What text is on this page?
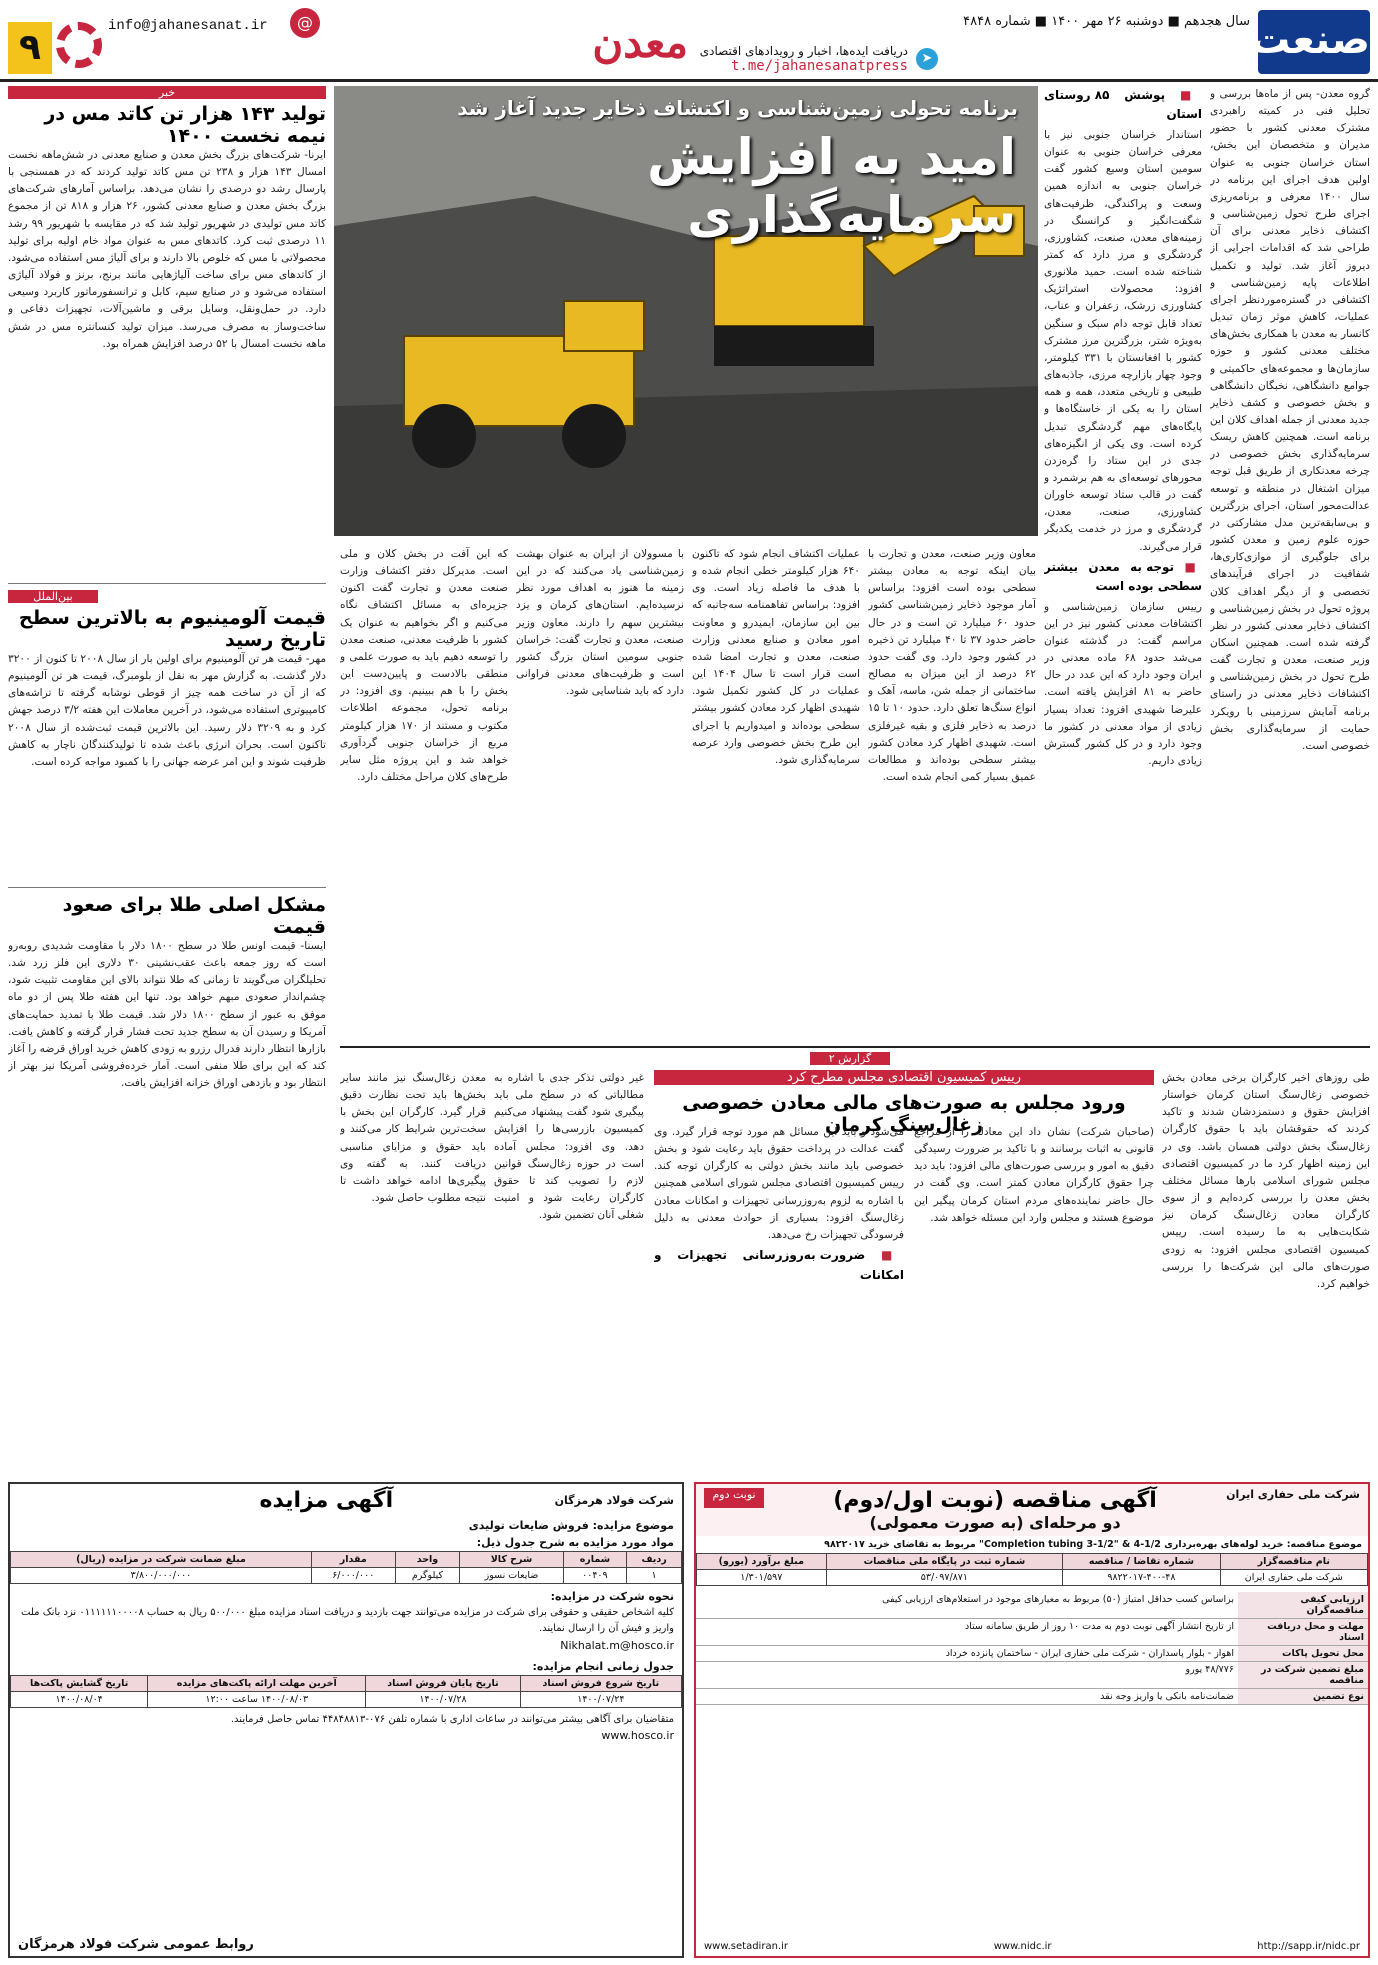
صنعت
سال هجدهم ■ دوشنبه ۲۶ مهر ۱۴۰۰ ■ شماره ۴۸۴۸
➤
دریافت ایده‌ها، اخبار و رویدادهای اقتصادی
t.me/jahanesanatpress
معدن
@
info@jahanesanat.ir
۹
برنامه تحولی زمین‌شناسی و اکتشاف ذخایر جدید آغاز شد
امید به افزایش سرمایه‌گذاری

گروه معدن- پس از ماه‌ها بررسی و تحلیل فنی در کمیته راهبردی مشترک معدنی کشور با حضور مدیران و متخصصان این بخش، استان خراسان جنوبی به عنوان اولین هدف اجرای این برنامه در سال ۱۴۰۰ معرفی و برنامه‌ریزی اجرای طرح تحول زمین‌شناسی و اکتشاف ذخایر معدنی برای آن طراحی شد که اقدامات اجرایی از دیروز آغاز شد. تولید و تکمیل اطلاعات پایه زمین‌شناسی و اکتشافی در گستره‌مورد‌نظر اجرای عملیات، کاهش موثر زمان تبدیل کانسار به معدن با همکاری بخش‌های مختلف معدنی کشور و حوزه سازمان‌ها و مجموعه‌های حاکمیتی و جوامع دانشگاهی، نخبگان دانشگاهی و بخش خصوصی و کشف ذخایر جدید معدنی از جمله اهداف کلان این برنامه است. همچنین کاهش ریسک سرمایه‌گذاری بخش خصوصی در چرخه معدنکاری از طریق قبل توجه میزان اشتغال در منطقه و توسعه عدالت‌محور استان، اجرای بزرگترین و بی‌سابقه‌ترین مدل مشارکتی در حوزه علوم زمین و معدن کشور برای جلوگیری از موازی‌کاری‌ها، شفافیت در اجرای فرآیندهای تخصصی و از دیگر اهداف کلان پروژه تحول در بخش زمین‌شناسی و اکتشاف ذخایر معدنی کشور در نظر گرفته شده است. همچنین اسکان وزیر صنعت، معدن و تجارت گفت طرح تحول در بخش زمین‌شناسی و اکتشافات ذخایر معدنی در راستای برنامه آمایش سرزمینی با رویکرد حمایت از سرمایه‌گذاری بخش خصوصی است.

■ پوشش ۸۵ روستای استان

استاندار خراسان جنوبی نیز با معرفی خراسان جنوبی به عنوان سومین استان وسیع کشور گفت خراسان جنوبی به اندازه همین وسعت و پراکندگی، ظرفیت‌های شگفت‌انگیز و کرانسنگ در زمینه‌های معدن، صنعت، کشاورزی، گردشگری و مرز دارد که کمتر شناخته شده است. حمید ملانوری افزود: محصولات استراتژیک کشاورزی زرشک، زعفران و عناب، تعداد قابل توجه دام سبک و سنگین به‌ویژه شتر، بزرگترین مرز مشترک کشور با افغانستان با ۳۳۱ کیلومتر، وجود چهار بازارچه مرزی، جاذبه‌های طبیعی و تاریخی متعدد، همه و همه استان را به یکی از خاستگاه‌ها و پایگاه‌های مهم گردشگری تبدیل کرده است. وی یکی از انگیزه‌های جدی در این ستاد را گره‌زدن محورهای توسعه‌ای به هم برشمرد و گفت در قالب ستاد توسعه خاوران کشاورزی، صنعت، معدن، گردشگری و مرز در خدمت یکدیگر قرار می‌گیرند.

■ توجه به معدن بیشتر سطحی بوده است

رییس سازمان زمین‌شناسی و اکتشافات معدنی کشور نیز در این مراسم گفت: در گذشته عنوان می‌شد حدود ۶۸ ماده معدنی در ایران وجود دارد که این عدد در حال حاضر به ۸۱ افزایش یافته است. علیرضا شهیدی افزود: تعداد بسیار زیادی از مواد معدنی در کشور ما وجود دارد و در کل کشور گسترش زیادی داریم.

معاون وزیر صنعت، معدن و تجارت با بیان اینکه توجه به معادن بیشتر سطحی بوده است افزود: براساس آمار موجود ذخایر زمین‌شناسی کشور حدود ۶۰ میلیارد تن است و در حال حاضر حدود ۳۷ تا ۴۰ میلیارد تن ذخیره در کشور وجود دارد. وی گفت حدود ۶۲ درصد از این میزان به مصالح ساختمانی از جمله شن، ماسه، آهک و انواع سنگ‌ها تعلق دارد. حدود ۱۰ تا ۱۵ درصد به ذخایر فلزی و بقیه غیرفلزی است. شهیدی اظهار کرد معادن کشور بیشتر سطحی بوده‌اند و مطالعات عمیق بسیار کمی انجام شده است.

عملیات اکتشاف انجام شود که تاکنون ۶۴۰ هزار کیلومتر خطی انجام شده و با هدف ما فاصله زیاد است. وی افزود: براساس تفاهمنامه سه‌جانبه که بین این سازمان، ایمیدرو و معاونت امور معادن و صنایع معدنی وزارت صنعت، معدن و تجارت امضا شده است قرار است تا سال ۱۴۰۴ این عملیات در کل کشور تکمیل شود. شهیدی اظهار کرد معادن کشور بیشتر سطحی بوده‌اند و امیدواریم با اجرای این طرح بخش خصوصی وارد عرصه سرمایه‌گذاری شود.

با مسوولان از ایران به عنوان بهشت زمین‌شناسی یاد می‌کنند که در این زمینه ما هنوز به اهداف مورد نظر نرسیده‌ایم. استان‌های کرمان و یزد بیشترین سهم را دارند. معاون وزیر صنعت، معدن و تجارت گفت: خراسان جنوبی سومین استان بزرگ کشور است و ظرفیت‌های معدنی فراوانی دارد که باید شناسایی شود.

که این آفت در بخش کلان و ملی است. مدیرکل دفتر اکتشاف وزارت صنعت معدن و تجارت گفت اکنون جزیره‌ای به مسائل اکتشاف نگاه می‌کنیم و اگر بخواهیم به عنوان یک کشور با ظرفیت معدنی، صنعت معدن را توسعه دهیم باید به صورت علمی و منطقی بالادست و پایین‌دست این بخش را با هم ببینیم. وی افزود: در برنامه تحول، مجموعه اطلاعات مکتوب و مستند از ۱۷۰ هزار کیلومتر مربع از خراسان جنوبی گردآوری خواهد شد و این پروژه مثل سایر طرح‌های کلان مراحل مختلف دارد.

خبر
تولید ۱۴۳ هزار تن کاتد مس در نیمه نخست ۱۴۰۰
ایرنا- شرکت‌های بزرگ بخش معدن و صنایع معدنی در شش‌ماهه نخست امسال ۱۴۳ هزار و ۲۳۸ تن مس کاتد تولید کردند که در همسنجی با پارسال رشد دو درصدی را نشان می‌دهد. براساس آمارهای شرکت‌های بزرگ بخش معدن و صنایع معدنی کشور، ۲۶ هزار و ۸۱۸ تن از مجموع کاتد مس تولیدی در شهریور تولید شد که در مقایسه با شهریور ۹۹ رشد ۱۱ درصدی ثبت کرد. کاتدهای مس به عنوان مواد خام اولیه برای تولید محصولاتی با مس که خلوص بالا دارند و برای آلیاژ مس استفاده می‌شود. از کاتدهای مس برای ساخت آلیاژهایی مانند برنج، برنز و فولاد آلیاژی استفاده می‌شود و در صنایع سیم، کابل و ترانسفورماتور کاربرد وسیعی دارد. در حمل‌ونقل، وسایل برقی و ماشین‌آلات، تجهیزات دفاعی و ساخت‌وساز به مصرف می‌رسد. میزان تولید کنسانتره مس در شش ماهه نخست امسال با ۵۲ درصد افزایش همراه بود.
بین‌الملل
قیمت آلومینیوم به بالاترین سطح تاریخ رسید
مهر- قیمت هر تن آلومینیوم برای اولین بار از سال ۲۰۰۸ تا کنون از ۳۲۰۰ دلار گذشت. به گزارش مهر به نقل از بلومبرگ، قیمت هر تن آلومینیوم که از آن در ساخت همه چیز از قوطی نوشابه گرفته تا تراشه‌های کامپیوتری استفاده می‌شود، در آخرین معاملات این هفته ۳/۲ درصد جهش کرد و به ۳۲۰۹ دلار رسید. این بالاترین قیمت ثبت‌شده از سال ۲۰۰۸ تاکنون است. بحران انرژی باعث شده تا تولیدکنندگان ناچار به کاهش ظرفیت شوند و این امر عرضه جهانی را با کمبود مواجه کرده است.
مشکل اصلی طلا برای صعود قیمت
ایسنا- قیمت اونس طلا در سطح ۱۸۰۰ دلار با مقاومت شدیدی روبه‌رو است که روز جمعه باعث عقب‌نشینی ۳۰ دلاری این فلز زرد شد. تحلیلگران می‌گویند تا زمانی که طلا نتواند بالای این مقاومت تثبیت شود، چشم‌انداز صعودی مبهم خواهد بود. تنها این هفته طلا پس از دو ماه موفق به عبور از سطح ۱۸۰۰ دلار شد. قیمت طلا با تمدید حمایت‌های آمریکا و رسیدن آن به سطح جدید تحت فشار قرار گرفته و کاهش یافت. بازارها انتظار دارند فدرال رزرو به زودی کاهش خرید اوراق قرضه را آغاز کند که این برای طلا منفی است. آمار خرده‌فروشی آمریکا نیز بهتر از انتظار بود و بازدهی اوراق خزانه افزایش یافت.
گزارش ۲
رییس کمیسیون اقتصادی مجلس مطرح کرد
ورود مجلس به صورت‌های مالی معادن خصوصی زغال‌سنگ کرمان

طی روزهای اخیر کارگران برخی معادن بخش خصوصی زغال‌سنگ استان کرمان خواستار افزایش حقوق و دستمزدشان شدند و تاکید کردند که حقوقشان باید با حقوق کارگران زغال‌سنگ بخش دولتی همسان باشد. وی در این زمینه اظهار کرد ما در کمیسیون اقتصادی مجلس شورای اسلامی بارها مسائل مختلف بخش معدن را بررسی کرده‌ایم و از سوی کارگران معادن زغال‌سنگ کرمان نیز شکایت‌هایی به ما رسیده است. رییس کمیسیون اقتصادی مجلس افزود: به زودی صورت‌های مالی این شرکت‌ها را بررسی خواهیم کرد.

(صاحبان شرکت) نشان داد این معادله را از مراجع قانونی به اثبات برسانند و با تاکید بر ضرورت رسیدگی دقیق به امور و بررسی صورت‌های مالی افزود: باید دید چرا حقوق کارگران معادن کمتر است. وی گفت در حال حاضر نماینده‌های مردم استان کرمان پیگیر این موضوع هستند و مجلس وارد این مسئله خواهد شد.

می‌شود و باید این مسائل هم مورد توجه قرار گیرد. وی گفت عدالت در پرداخت حقوق باید رعایت شود و بخش خصوصی باید مانند بخش دولتی به کارگران توجه کند. رییس کمیسیون اقتصادی مجلس شورای اسلامی همچنین با اشاره به لزوم به‌روزرسانی تجهیزات و امکانات معادن زغال‌سنگ افزود: بسیاری از حوادث معدنی به دلیل فرسودگی تجهیزات رخ می‌دهد.

■ ضرورت به‌روزرسانی تجهیزات و امکانات

غیر دولتی تذکر جدی با اشاره به مطالباتی که در سطح ملی باید پیگیری شود گفت پیشنهاد می‌کنیم کمیسیون بازرسی‌ها را افزایش دهد. وی افزود: مجلس آماده است در حوزه زغال‌سنگ قوانین لازم را تصویب کند تا حقوق کارگران رعایت شود و امنیت شغلی آنان تضمین شود.

معدن زغال‌سنگ نیز مانند سایر بخش‌ها باید تحت نظارت دقیق قرار گیرد. کارگران این بخش با سخت‌ترین شرایط کار می‌کنند و باید حقوق و مزایای مناسبی دریافت کنند. به گفته وی پیگیری‌ها ادامه خواهد داشت تا نتیجه مطلوب حاصل شود.

شرکت ملی حفاری ایران
آگهی مناقصه (نوبت اول/دوم)
دو مرحله‌ای (به صورت معمولی)
نوبت دوم
موضوع مناقصه: خرید لوله‌های بهره‌برداری Completion tubing 3-1/2" & 4-1/2" مربوط به تقاضای خرید ۹۸۲۲۰۱۷
نام مناقصه‌گزار	شماره تقاضا / مناقصه	شماره ثبت در پایگاه ملی مناقصات	مبلغ برآورد (یورو)
شرکت ملی حفاری ایران	۹۸۲۲۰۱۷-۴۰۰-۴۸	۵۳/۰۹۷/۸۷۱	۱/۳۰۱/۵۹۷
ارزیابی کیفی مناقصه‌گران
براساس کسب حداقل امتیاز (۵۰) مربوط به معیارهای موجود در استعلام‌های ارزیابی کیفی
مهلت و محل دریافت اسناد
از تاریخ انتشار آگهی نوبت دوم به مدت ۱۰ روز از طریق سامانه ستاد
محل تحویل پاکات
اهواز - بلوار پاسداران - شرکت ملی حفاری ایران - ساختمان پانزده خرداد
مبلغ تضمین شرکت در مناقصه
۴۸/۷۷۶ یورو
نوع تضمین
ضمانت‌نامه بانکی یا واریز وجه نقد
www.setadiran.ir	www.nidc.ir	http://sapp.ir/nidc.pr
شرکت فولاد هرمزگان
آگهی مزایده
موضوع مزایده: فروش ضایعات تولیدی
مواد مورد مزایده به شرح جدول ذیل:
ردیف	شماره	شرح کالا	واحد	مقدار	مبلغ ضمانت شرکت در مزایده (ریال)
۱	۰۰۴۰۹	ضایعات نسوز	کیلوگرم	۶/۰۰۰/۰۰۰	۳/۸۰۰/۰۰۰/۰۰۰
نحوه شرکت در مزایده:
کلیه اشخاص حقیقی و حقوقی برای شرکت در مزایده می‌توانند جهت بازدید و دریافت اسناد مزایده مبلغ ۵۰۰/۰۰۰ ریال به حساب ۰۱۱۱۱۱۱۰۰۰۰۸ نزد بانک ملت واریز و فیش آن را ارسال نمایند.
Nikhalat.m@hosco.ir
جدول زمانی انجام مزایده:
تاریخ شروع فروش اسناد	تاریخ پایان فروش اسناد	آخرین مهلت ارائه پاکت‌های مزایده	تاریخ گشایش پاکت‌ها
۱۴۰۰/۰۷/۲۴	۱۴۰۰/۰۷/۲۸	۱۴۰۰/۰۸/۰۳ ساعت ۱۲:۰۰	۱۴۰۰/۰۸/۰۴
متقاضیان برای آگاهی بیشتر می‌توانند در ساعات اداری با شماره تلفن ۰۷۶-۴۴۸۴۸۸۱۳ تماس حاصل فرمایند.
www.hosco.ir
روابط عمومی شرکت فولاد هرمزگان
